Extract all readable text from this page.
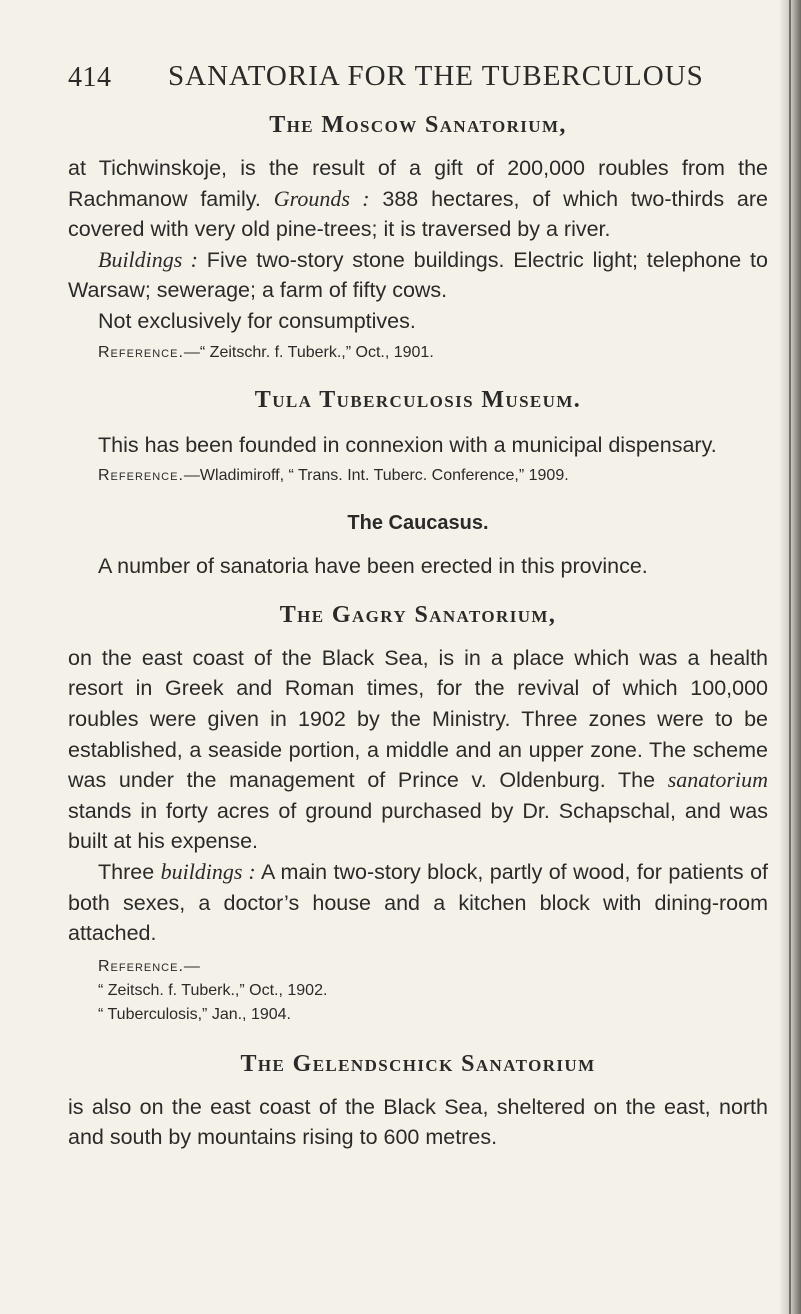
414 SANATORIA FOR THE TUBERCULOUS
The Moscow Sanatorium,

at Tichwinskoje, is the result of a gift of 200,000 roubles from the Rachmanow family. Grounds : 388 hectares, of which two-thirds are covered with very old pine-trees; it is traversed by a river.

Buildings : Five two-story stone buildings. Electric light; telephone to Warsaw; sewerage; a farm of fifty cows.

Not exclusively for consumptives.

Reference.—“ Zeitschr. f. Tuberk.,” Oct., 1901.

Tula Tuberculosis Museum.

This has been founded in connexion with a municipal dispensary.

Reference.—Wladimiroff, “ Trans. Int. Tuberc. Conference,” 1909.

The Caucasus.

A number of sanatoria have been erected in this province.

The Gagry Sanatorium,

on the east coast of the Black Sea, is in a place which was a health resort in Greek and Roman times, for the revival of which 100,000 roubles were given in 1902 by the Ministry. Three zones were to be established, a seaside portion, a middle and an upper zone. The scheme was under the management of Prince v. Oldenburg. The sanatorium stands in forty acres of ground purchased by Dr. Schapschal, and was built at his expense.

Three buildings : A main two-story block, partly of wood, for patients of both sexes, a doctor’s house and a kitchen block with dining-room attached.

Reference.—

“ Zeitsch. f. Tuberk.,” Oct., 1902.

“ Tuberculosis,” Jan., 1904.

The Gelendschick Sanatorium

is also on the east coast of the Black Sea, sheltered on the east, north and south by mountains rising to 600 metres.
